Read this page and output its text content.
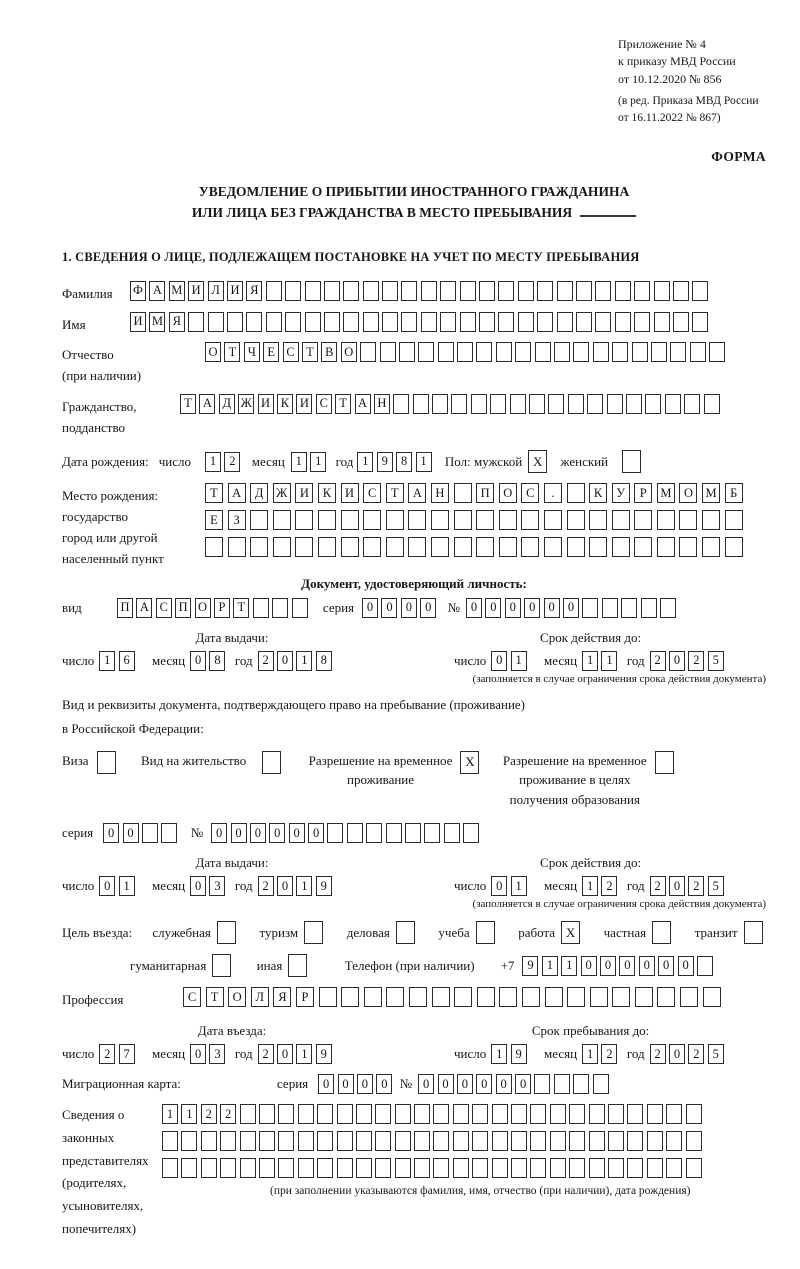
Приложение № 4
к приказу МВД России
от 10.12.2020 № 856
(в ред. Приказа МВД России
от 16.11.2022 № 867)
ФОРМА
УВЕДОМЛЕНИЕ О ПРИБЫТИИ ИНОСТРАННОГО ГРАЖДАНИНА
ИЛИ ЛИЦА БЕЗ ГРАЖДАНСТВА В МЕСТО ПРЕБЫВАНИЯ
1. СВЕДЕНИЯ О ЛИЦЕ, ПОДЛЕЖАЩЕМ ПОСТАНОВКЕ НА УЧЕТ ПО МЕСТУ ПРЕБЫВАНИЯ
Фамилия	Ф А М И Л И Я
Имя	И М Я
Отчество
(при наличии)
О Т Ч Е С Т В О
Гражданство,
подданство
Т А Д Ж И К И С Т А Н
Дата рождения: число	1	2	месяц 1	1	год 1	9	8	1	Пол: мужской X	женский
Место рождения:
государство
город или другой
населенный пункт
Т	А	Д	Ж И	К	И	С	Т	А	Н	П	О	С	.	К	У	Р	М	О	М	Б
Е	З
Документ, удостоверяющий личность:
вид	П А С П О Р Т	серия	0	0	0	0	№ 0	0	0	0	0	0
Дата выдачи:
число 1	6	месяц 0	8	год 2	0	1	8
Срок действия до:
число 0	1	месяц 1	1	год 2	0	2	5
(заполняется в случае ограничения срока действия документа)
Вид и реквизиты документа, подтверждающего право на пребывание (проживание)
в Российской Федерации:
Виза	Вид на жительство	Разрешение на временное
проживание
X	Разрешение на временное
проживание в целях
получения образования
серия	0	0	№	0	0	0	0	0	0
Дата выдачи:
число 0	1	месяц 0	3	год 2	0	1	9
Срок действия до:
число 0	1	месяц 1	2	год 2	0	2	5
(заполняется в случае ограничения срока действия документа)
Цель въезда: служебная	туризм	деловая	учеба	работа X	частная	транзит
гуманитарная	иная	Телефон (при наличии) +7	9	1	1	0	0	0	0	0	0
Профессия	С	Т	О	Л	Я	Р
Дата въезда:
число 2	7	месяц 0	3	год 2	0	1	9
Срок пребывания до:
число 1	9	месяц 1	2	год 2	0	2	5
Миграционная карта:	серия	0	0	0	0 № 0	0	0	0	0	0
Сведения о
законных
представителях
(родителях,
усыновителях,
попечителях)
1	1	2	2
(при заполнении указываются фамилия, имя, отчество (при наличии), дата рождения)
